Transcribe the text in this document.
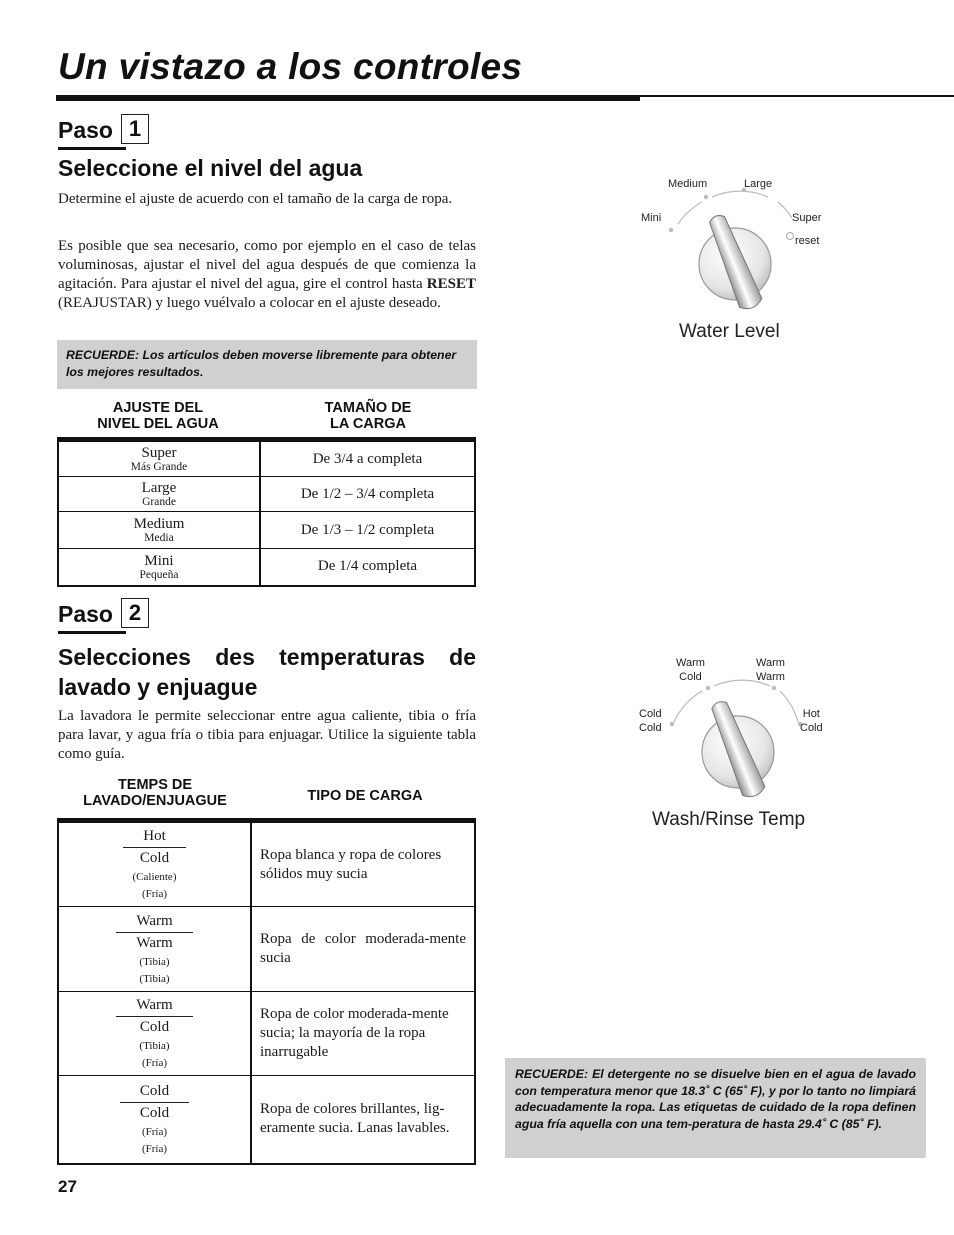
Un vistazo a los controles
Paso 1
Seleccione el nivel del agua

Determine el ajuste de acuerdo con el tamaño de la carga de ropa.

Es posible que sea necesario, como por ejemplo en el caso de telas voluminosas, ajustar el nivel del agua después de que comienza la agitación. Para ajustar el nivel del agua, gire el control hasta RESET (REAJUSTAR) y luego vuélvalo a colocar en el ajuste deseado.

RECUERDE: Los artículos deben moverse libremente para obtener los mejores resultados.
AJUSTE DEL
NIVEL DEL AGUA
TAMAÑO DE
LA CARGA
Super
Más Grande	De 3/4 a completa

Large
Grande	De 1/2 – 3/4 completa

Medium
Media	De 1/3 – 1/2 completa

Mini
Pequeña	De 1/4 completa
Paso 2
Selecciones des temperaturas de lavado y enjuague

La lavadora le permite seleccionar entre agua caliente, tibia o fría para lavar, y agua fría o tibia para enjuagar. Utilice la siguiente tabla como guía.

TEMPS DE
LAVADO/ENJUAGUE	TIPO DE CARGA
Hot
Cold
(Caliente)
(Fría)	Ropa blanca y ropa de colores sólidos muy sucia

Warm
Warm
(Tibia)
(Tibia)	Ropa de color moderada-mente sucia

Warm
Cold
(Tibia)
(Fría)	Ropa de color moderada-mente sucia; la mayoría de la ropa inarrugable

Cold
Cold
(Fría)
(Fría)	Ropa de colores brillantes, lig-eramente sucia. Lanas lavables.
Mini
Medium	Large
Super
reset
Water Level
Warm
Cold
Warm
Warm
Cold
Cold
Hot
Cold
Wash/Rinse Temp
RECUERDE: El detergente no se disuelve bien en el agua de lavado con temperatura menor que 18.3˚ C (65˚ F), y por lo tanto no limpiará adecuadamente la ropa. Las etiquetas de cuidado de la ropa definen agua fría aquella con una tem-peratura de hasta 29.4˚ C (85˚ F).
27
